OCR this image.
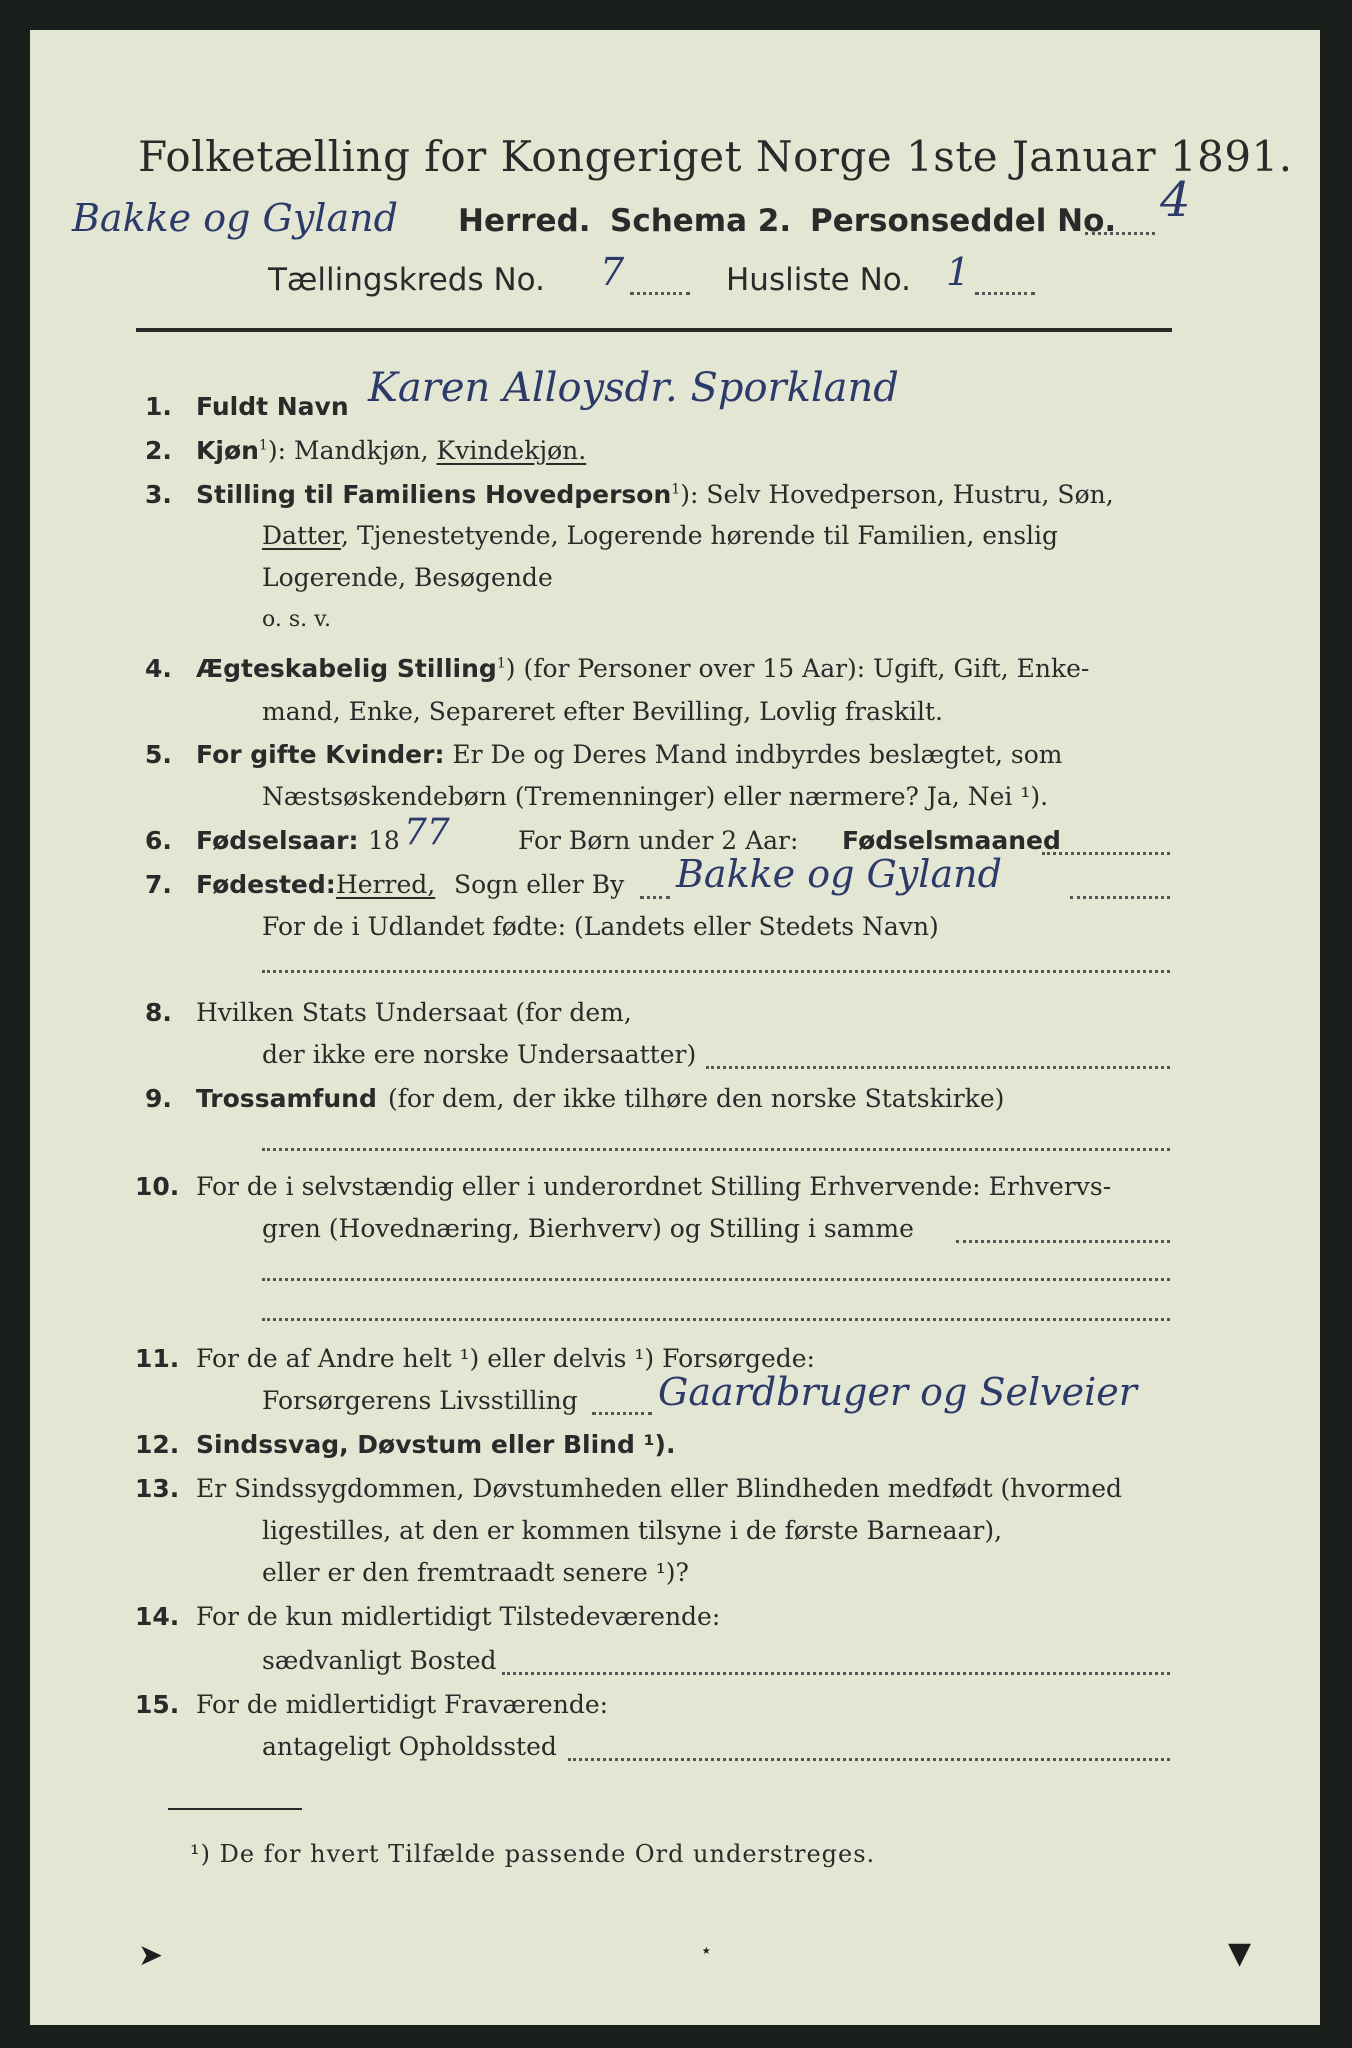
Folketælling for Kongeriget Norge 1ste Januar 1891.
Bakke og Gyland Herred. Schema 2. Personseddel No. 4
Tællingskreds No. 7	Husliste No. 1
1. Fuldt Navn Karen Alloysdr. Sporkland
2. Kjøn$^1$): Mandkjøn, Kvindekjøn.
3. Stilling til Familiens Hovedperson$^1$): Selv Hovedperson, Hustru, Søn,
Datter, Tjenestetyende, Logerende hørende til Familien, enslig
Logerende, Besøgende
o. s. v.
4. Ægteskabelig Stilling$^1$) (for Personer over 15 Aar): Ugift, Gift, Enke-
mand, Enke, Separeret efter Bevilling, Lovlig fraskilt.
5. For gifte Kvinder: Er De og Deres Mand indbyrdes beslægtet, som
Næstsøskendebørn (Tremenninger) eller nærmere? Ja, Nei ¹).
6. Fødselsaar: 18 77	For Børn under 2 Aar: Fødselsmaaned
7. Fødested: Herred, Sogn eller By Bakke og Gyland
For de i Udlandet fødte: (Landets eller Stedets Navn)
8. Hvilken Stats Undersaat (for dem,
der ikke ere norske Undersaatter)
9. Trossamfund (for dem, der ikke tilhøre den norske Statskirke)
10. For de i selvstændig eller i underordnet Stilling Erhvervende: Erhvervs-
gren (Hovednæring, Bierhverv) og Stilling i samme
11. For de af Andre helt ¹) eller delvis ¹) Forsørgede:
Forsørgerens Livsstilling Gaardbruger og Selveier
12. Sindssvag, Døvstum eller Blind ¹).
13. Er Sindssygdommen, Døvstumheden eller Blindheden medfødt (hvormed
ligestilles, at den er kommen tilsyne i de første Barneaar),
eller er den fremtraadt senere ¹)?
14. For de kun midlertidigt Tilstedeværende:
sædvanligt Bosted
15. For de midlertidigt Fraværende:
antageligt Opholdssted
¹) De for hvert Tilfælde passende Ord understreges.
➤	⋆	▼
